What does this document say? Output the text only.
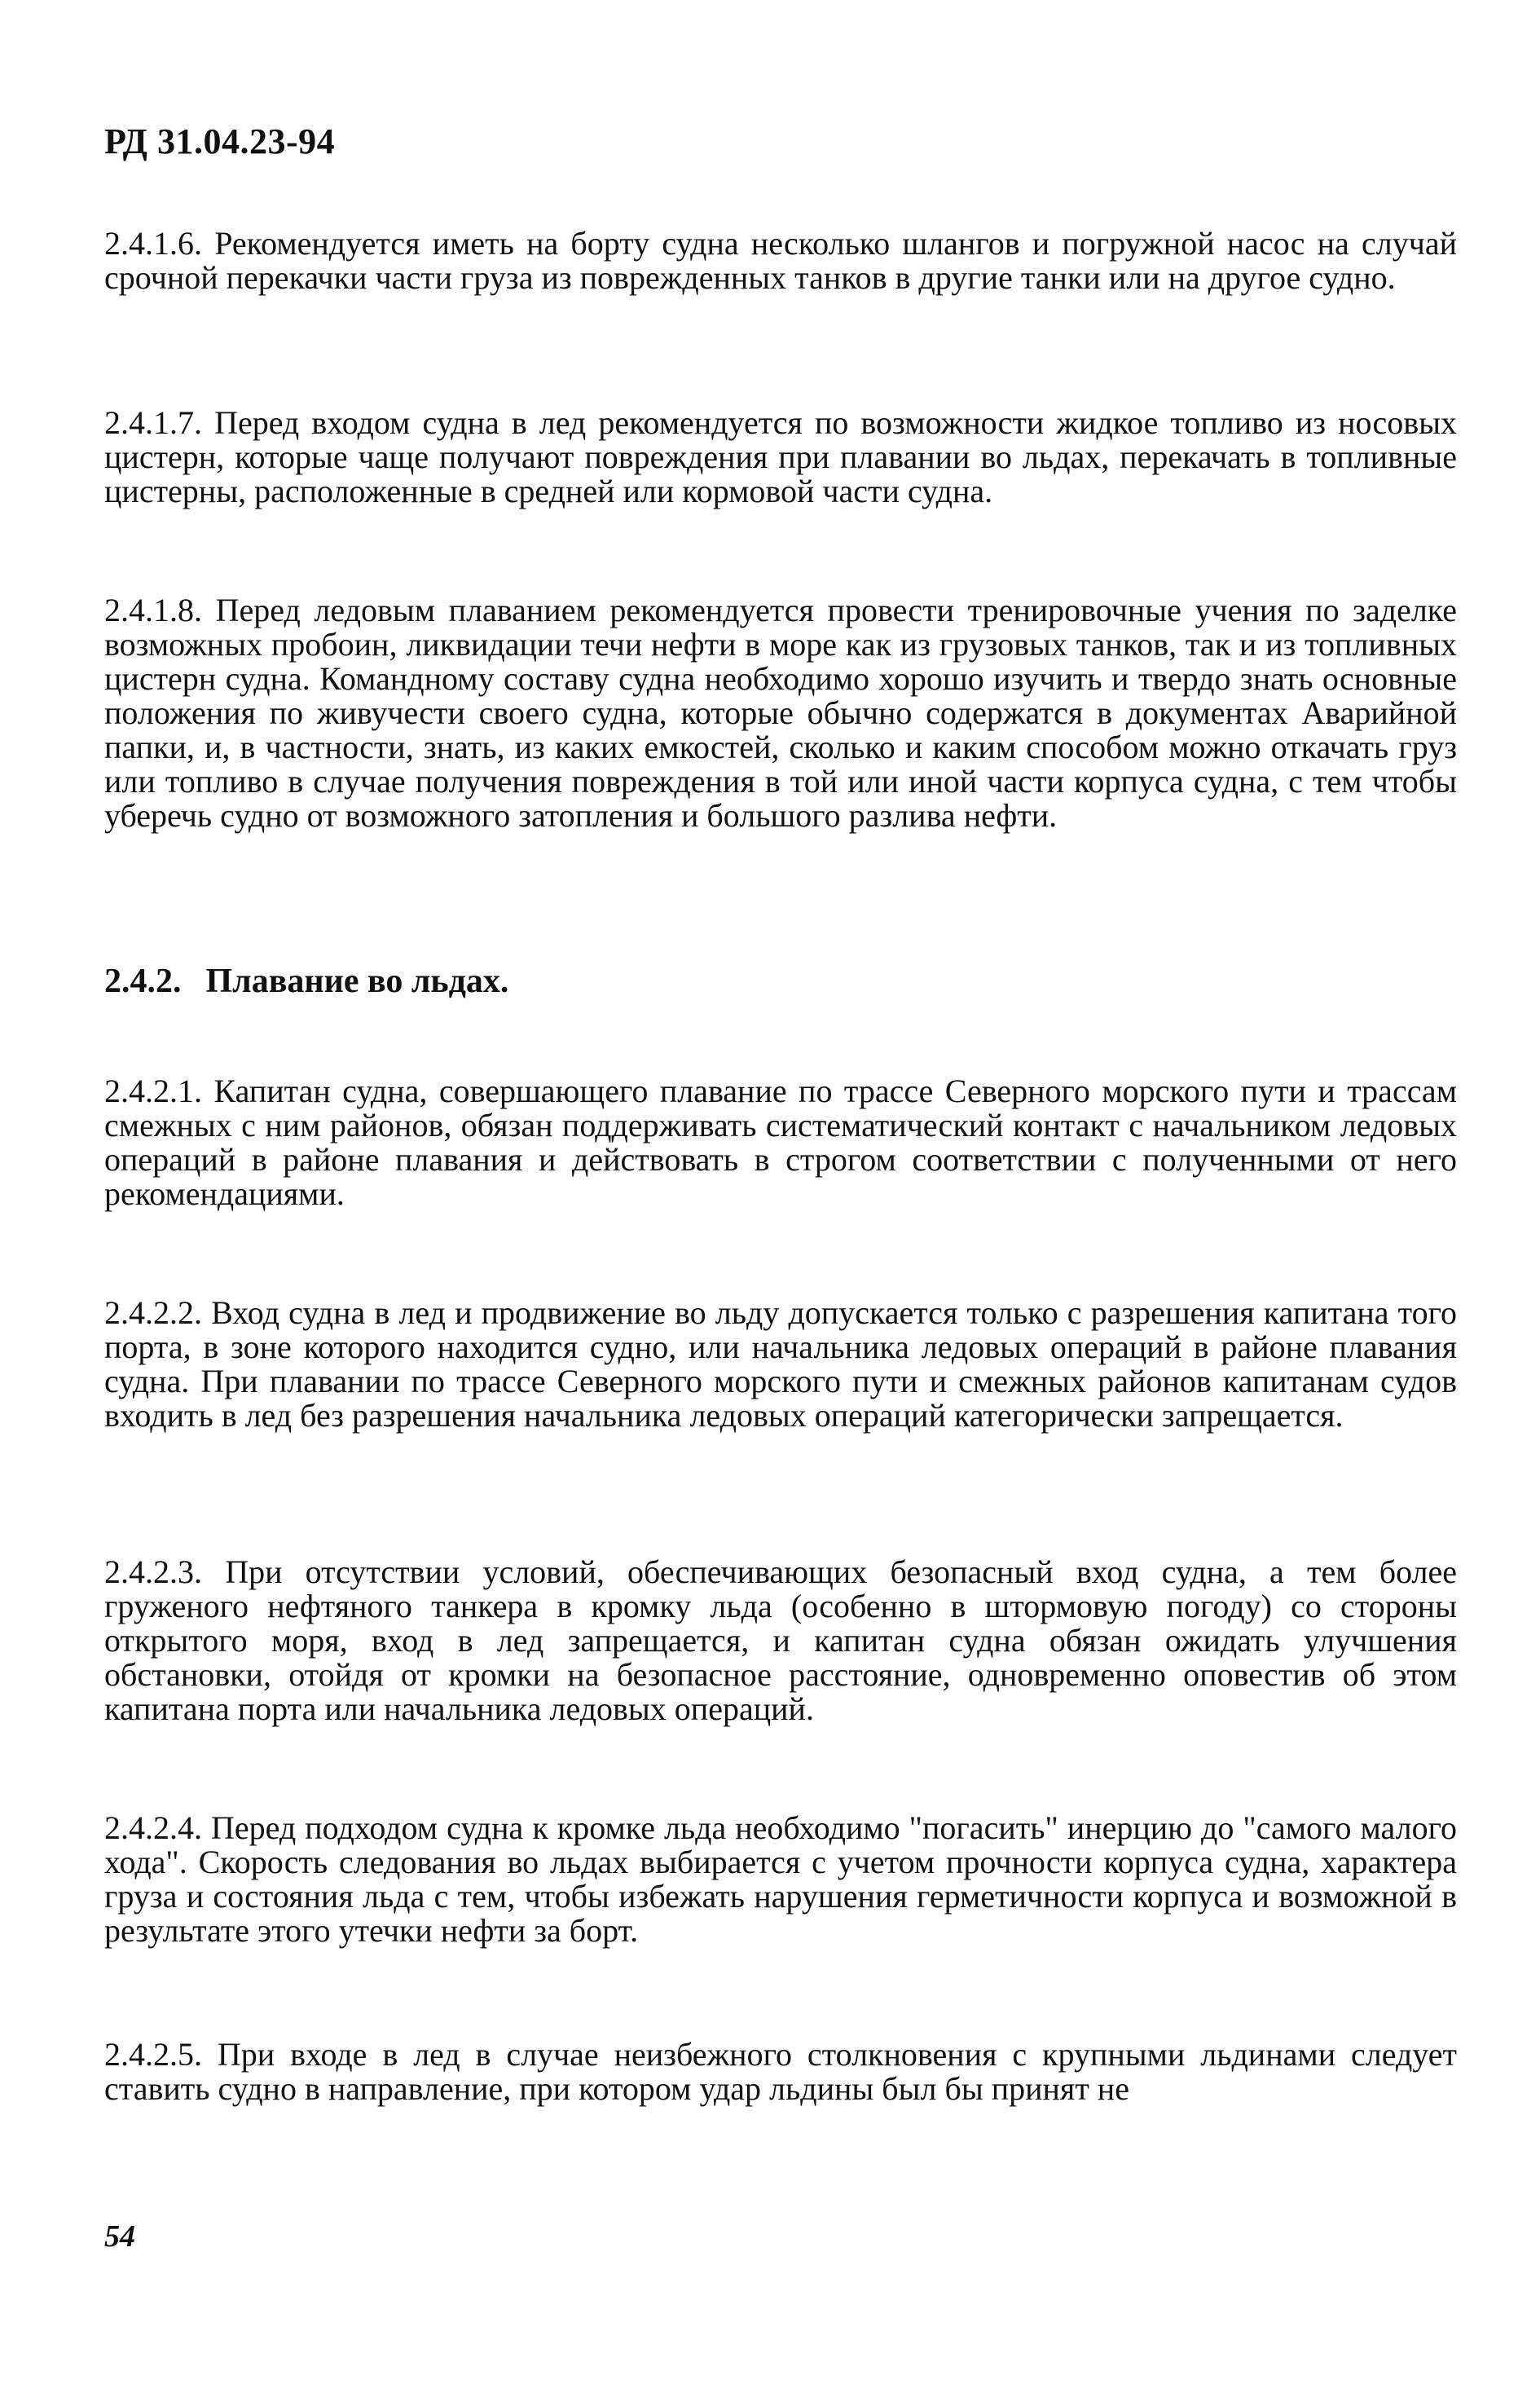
РД 31.04.23-94

2.4.1.6. Рекомендуется иметь на борту судна несколько шлангов и погружной насос на случай срочной перекачки части груза из поврежденных танков в другие танки или на другое судно.

2.4.1.7. Перед входом судна в лед рекомендуется по возможности жидкое топливо из носовых цистерн, которые чаще получают повреждения при плавании во льдах, перекачать в топливные цистерны, расположенные в средней или кормовой части судна.

2.4.1.8. Перед ледовым плаванием рекомендуется провести тренировочные учения по заделке возможных пробоин, ликвидации течи нефти в море как из грузовых танков, так и из топливных цистерн судна. Командному составу судна необходимо хорошо изучить и твердо знать основные положения по живучести своего судна, которые обычно содержатся в документах Аварийной папки, и, в частности, знать, из каких емкостей, сколько и каким способом можно откачать груз или топливо в случае получения повреждения в той или иной части корпуса судна, с тем чтобы уберечь судно от возможного затопления и большого разлива нефти.

2.4.2. Плавание во льдах.

2.4.2.1. Капитан судна, совершающего плавание по трассе Северного морского пути и трассам смежных с ним районов, обязан поддерживать систематический контакт с начальником ледовых операций в районе плавания и действовать в строгом соответствии с полученными от него рекомендациями.

2.4.2.2. Вход судна в лед и продвижение во льду допускается только с разрешения капитана того порта, в зоне которого находится судно, или начальника ледовых операций в районе плавания судна. При плавании по трассе Северного морского пути и смежных районов капитанам судов входить в лед без разрешения начальника ледовых операций категорически запрещается.

2.4.2.3. При отсутствии условий, обеспечивающих безопасный вход судна, а тем более груженого нефтяного танкера в кромку льда (особенно в штормовую погоду) со стороны открытого моря, вход в лед запрещается, и капитан судна обязан ожидать улучшения обстановки, отойдя от кромки на безопасное расстояние, одновременно оповестив об этом капитана порта или начальника ледовых операций.

2.4.2.4. Перед подходом судна к кромке льда необходимо "погасить" инерцию до "самого малого хода". Скорость следования во льдах выбирается с учетом прочности корпуса судна, характера груза и состояния льда с тем, чтобы избежать нарушения герметичности корпуса и возможной в результате этого утечки нефти за борт.

2.4.2.5. При входе в лед в случае неизбежного столкновения с крупными льдинами следует ставить судно в направление, при котором удар льдины был бы принят не

54
